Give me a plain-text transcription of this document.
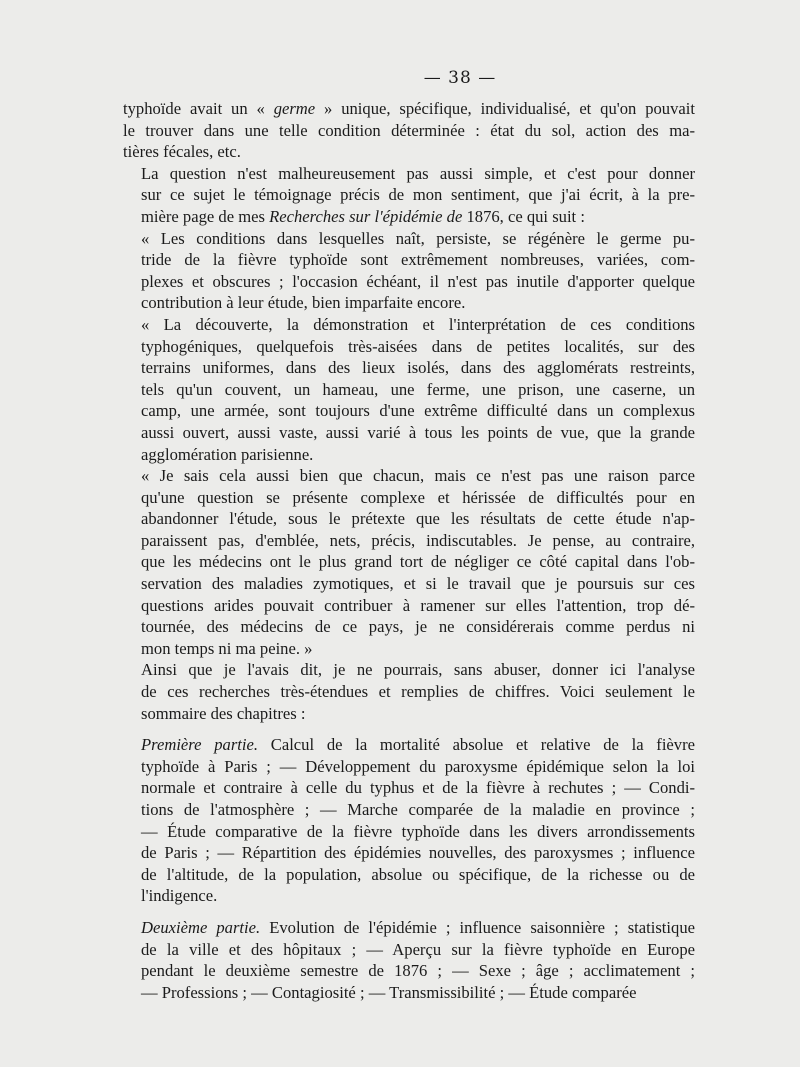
— 38 —

typhoïde avait un « germe » unique, spécifique, individualisé, et qu'on pouvait
le trouver dans une telle condition déterminée : état du sol, action des ma-
tières fécales, etc.

La question n'est malheureusement pas aussi simple, et c'est pour donner
sur ce sujet le témoignage précis de mon sentiment, que j'ai écrit, à la pre-
mière page de mes Recherches sur l'épidémie de 1876, ce qui suit :

« Les conditions dans lesquelles naît, persiste, se régénère le germe pu-
tride de la fièvre typhoïde sont extrêmement nombreuses, variées, com-
plexes et obscures ; l'occasion échéant, il n'est pas inutile d'apporter quelque
contribution à leur étude, bien imparfaite encore.

« La découverte, la démonstration et l'interprétation de ces conditions
typhogéniques, quelquefois très-aisées dans de petites localités, sur des
terrains uniformes, dans des lieux isolés, dans des agglomérats restreints,
tels qu'un couvent, un hameau, une ferme, une prison, une caserne, un
camp, une armée, sont toujours d'une extrême difficulté dans un complexus
aussi ouvert, aussi vaste, aussi varié à tous les points de vue, que la grande
agglomération parisienne.

« Je sais cela aussi bien que chacun, mais ce n'est pas une raison parce
qu'une question se présente complexe et hérissée de difficultés pour en
abandonner l'étude, sous le prétexte que les résultats de cette étude n'ap-
paraissent pas, d'emblée, nets, précis, indiscutables. Je pense, au contraire,
que les médecins ont le plus grand tort de négliger ce côté capital dans l'ob-
servation des maladies zymotiques, et si le travail que je poursuis sur ces
questions arides pouvait contribuer à ramener sur elles l'attention, trop dé-
tournée, des médecins de ce pays, je ne considérerais comme perdus ni
mon temps ni ma peine. »

Ainsi que je l'avais dit, je ne pourrais, sans abuser, donner ici l'analyse
de ces recherches très-étendues et remplies de chiffres. Voici seulement le
sommaire des chapitres :

Première partie. Calcul de la mortalité absolue et relative de la fièvre
typhoïde à Paris ; — Développement du paroxysme épidémique selon la loi
normale et contraire à celle du typhus et de la fièvre à rechutes ; — Condi-
tions de l'atmosphère ; — Marche comparée de la maladie en province ;
— Étude comparative de la fièvre typhoïde dans les divers arrondissements
de Paris ; — Répartition des épidémies nouvelles, des paroxysmes ; influence
de l'altitude, de la population, absolue ou spécifique, de la richesse ou de
l'indigence.

Deuxième partie. Evolution de l'épidémie ; influence saisonnière ; statistique
de la ville et des hôpitaux ; — Aperçu sur la fièvre typhoïde en Europe
pendant le deuxième semestre de 1876 ; — Sexe ; âge ; acclimatement ;
— Professions ; — Contagiosité ; — Transmissibilité ; — Étude comparée
